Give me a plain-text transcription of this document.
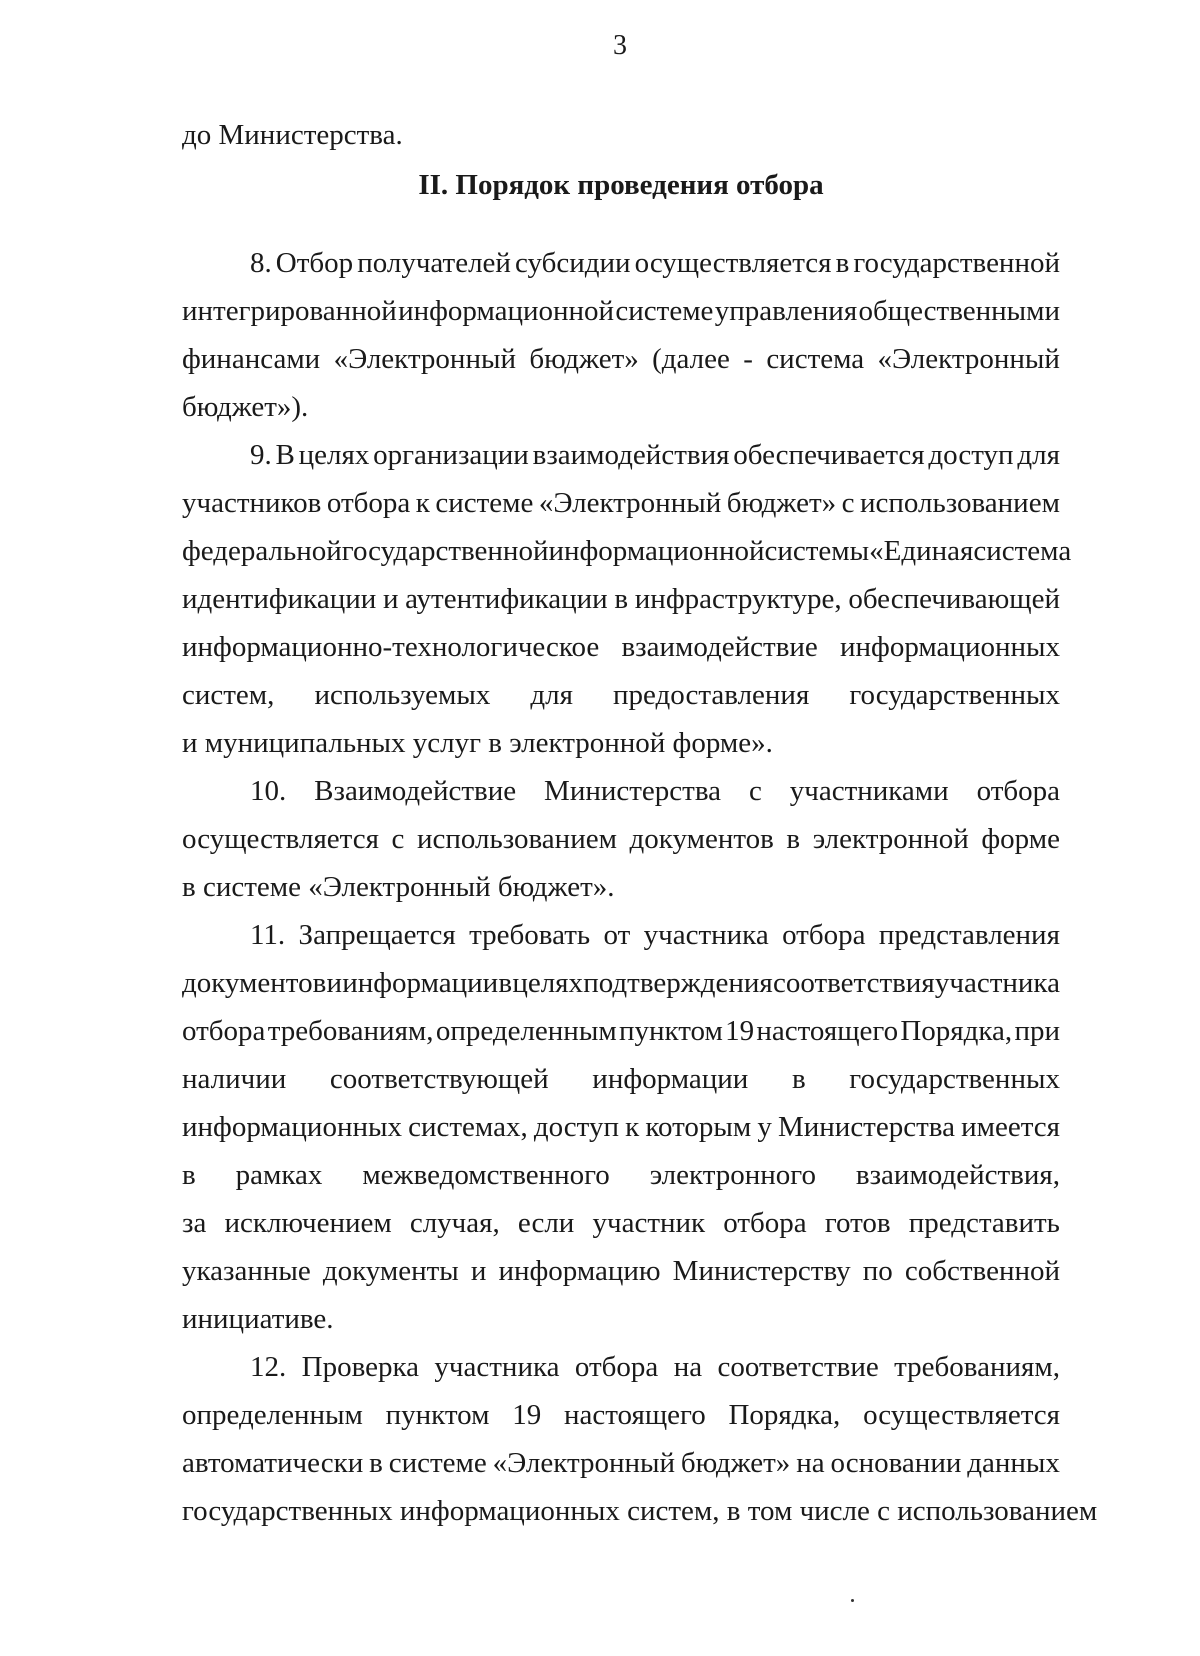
3
до Министерства.
II. Порядок проведения отбора
8. Отбор получателей субсидии осуществляется в государственной
интегрированной информационной системе управления общественными
финансами «Электронный бюджет» (далее - система «Электронный
бюджет»).
9. В целях организации взаимодействия обеспечивается доступ для
участников отбора к системе «Электронный бюджет» с использованием
федеральной государственной информационной системы «Единая система
идентификации и аутентификации в инфраструктуре, обеспечивающей
информационно-технологическое взаимодействие информационных
систем, используемых для предоставления государственных
и муниципальных услуг в электронной форме».
10. Взаимодействие Министерства с участниками отбора
осуществляется с использованием документов в электронной форме
в системе «Электронный бюджет».
11. Запрещается требовать от участника отбора представления
документов и информации в целях подтверждения соответствия участника
отбора требованиям, определенным пунктом 19 настоящего Порядка, при
наличии соответствующей информации в государственных
информационных системах, доступ к которым у Министерства имеется
в рамках межведомственного электронного взаимодействия,
за исключением случая, если участник отбора готов представить
указанные документы и информацию Министерству по собственной
инициативе.
12. Проверка участника отбора на соответствие требованиям,
определенным пунктом 19 настоящего Порядка, осуществляется
автоматически в системе «Электронный бюджет» на основании данных
государственных информационных систем, в том числе с использованием
